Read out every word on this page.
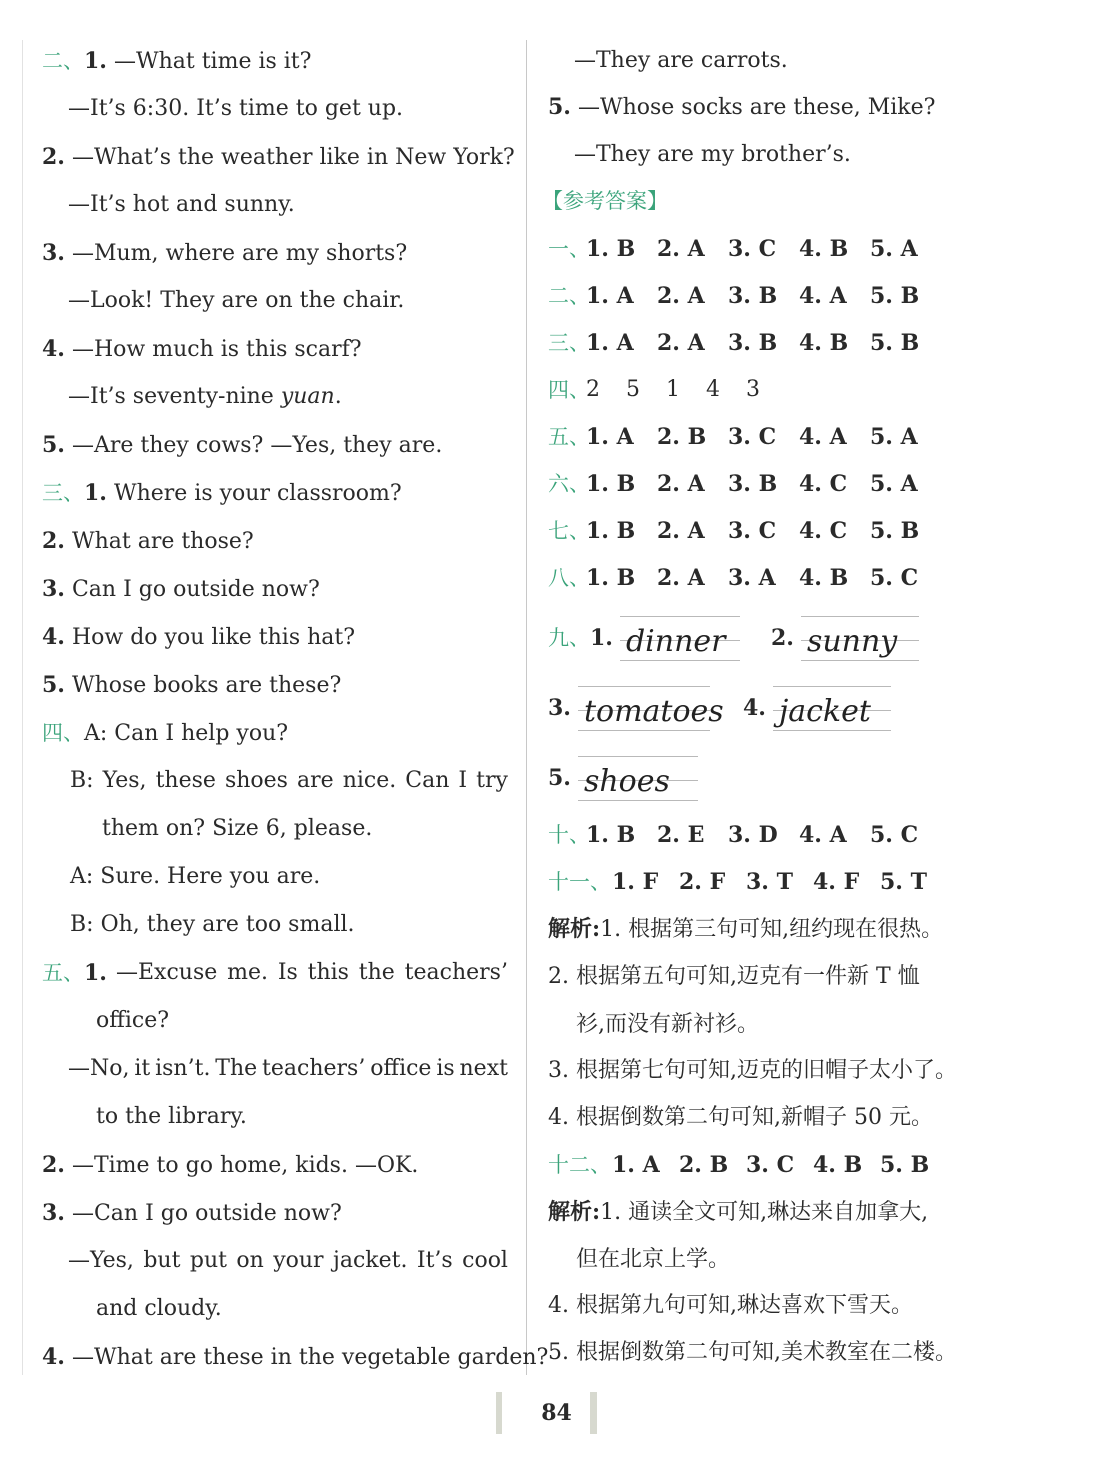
二、1. —What time is it?
—It’s 6:30. It’s time to get up.
2. —What’s the weather like in New York?
—It’s hot and sunny.
3. —Mum, where are my shorts?
—Look! They are on the chair.
4. —How much is this scarf?
—It’s seventy-nine yuan.
5. —Are they cows? —Yes, they are.
三、1. Where is your classroom?
2. What are those?
3. Can I go outside now?
4. How do you like this hat?
5. Whose books are these?
四、A: Can I help you?
B: Yes, these shoes are nice. Can I try
them on? Size 6, please.
A: Sure. Here you are.
B: Oh, they are too small.
五、1. —Excuse me. Is this the teachers’
office?
—No, it isn’t. The teachers’ office is next
to the library.
2. —Time to go home, kids. —OK.
3. —Can I go outside now?
—Yes, but put on your jacket. It’s cool
and cloudy.
4. —What are these in the vegetable garden?
—They are carrots.
5. —Whose socks are these, Mike?
—They are my brother’s.
【参考答案】
一、
1. B 2. A	3. C	4. B 5. A
二、
1. A	2. A	3. B 4. A	5. B
三、
1. A	2. A	3. B 4. B 5. B
四、
2	5	1	4	3
五、
1. A	2. B 3. C	4. A	5. A
六、
1. B 2. A	3. B 4. C	5. A
七、
1. B 2. A	3. C	4. C	5. B
八、
1. B 2. A	3. A	4. B 5. C
九、1. dinner 2. sunny
3. tomatoes 4. jacket
5. shoes
十、
1. B 2. E	3. D 4. A	5. C
十一、 1. F 2. F 3. T 4. F 5. T
解析:1. 根据第三句可知,纽约现在很热。
2. 根据第五句可知,迈克有一件新 T 恤
衫,而没有新衬衫。
3. 根据第七句可知,迈克的旧帽子太小了。
4. 根据倒数第二句可知,新帽子 50 元。
十二、 1. A 2. B 3. C 4. B 5. B
解析:1. 通读全文可知,琳达来自加拿大,
但在北京上学。
4. 根据第九句可知,琳达喜欢下雪天。
5. 根据倒数第二句可知,美术教室在二楼。
84
